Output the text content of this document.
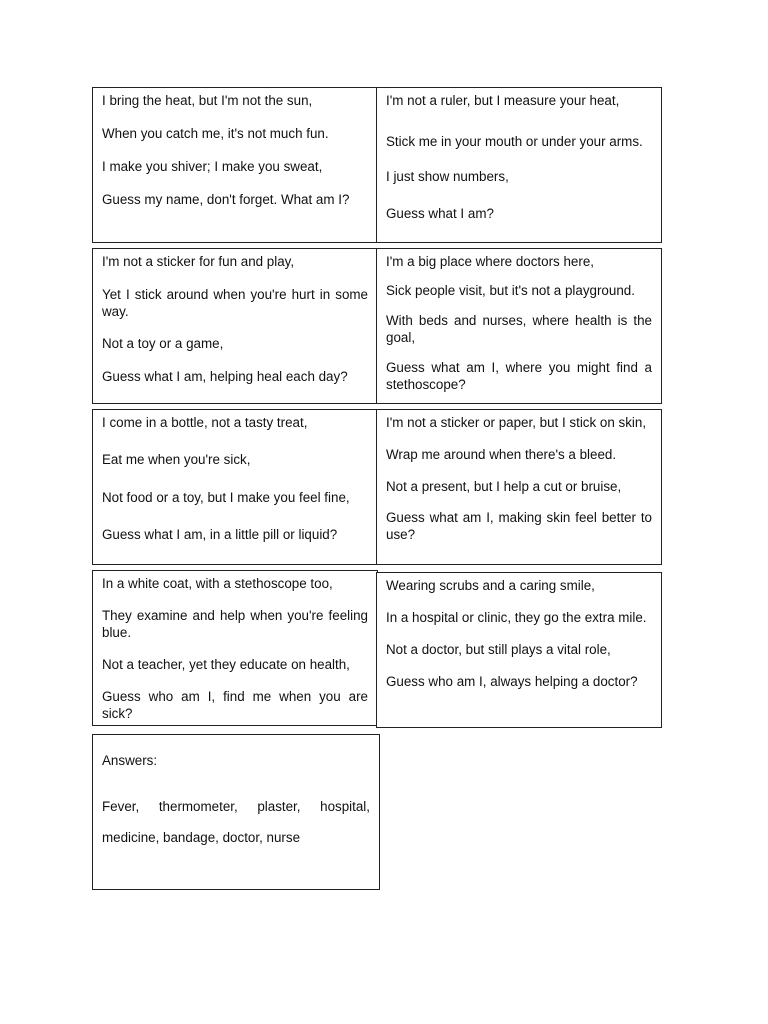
I bring the heat, but I'm not the sun,

When you catch me, it's not much fun.

I make you shiver; I make you sweat,

Guess my name, don't forget. What am I?

I'm not a ruler, but I measure your heat,

Stick me in your mouth or under your arms.

I just show numbers,

Guess what I am?

I'm not a sticker for fun and play,

Yet I stick around when you're hurt in some way.

Not a toy or a game,

Guess what I am, helping heal each day?

I'm a big place where doctors here,

Sick people visit, but it's not a playground.

With beds and nurses, where health is the goal,

Guess what am I, where you might find a stethoscope?

I come in a bottle, not a tasty treat,

Eat me when you're sick,

Not food or a toy, but I make you feel fine,

Guess what I am, in a little pill or liquid?

I'm not a sticker or paper, but I stick on skin,

Wrap me around when there's a bleed.

Not a present, but I help a cut or bruise,

Guess what am I, making skin feel better to use?

In a white coat, with a stethoscope too,

They examine and help when you're feeling blue.

Not a teacher, yet they educate on health,

Guess who am I, find me when you are sick?

Wearing scrubs and a caring smile,

In a hospital or clinic, they go the extra mile.

Not a doctor, but still plays a vital role,

Guess who am I, always helping a doctor?

Answers:

Fever, thermometer, plaster, hospital,

medicine, bandage, doctor, nurse
